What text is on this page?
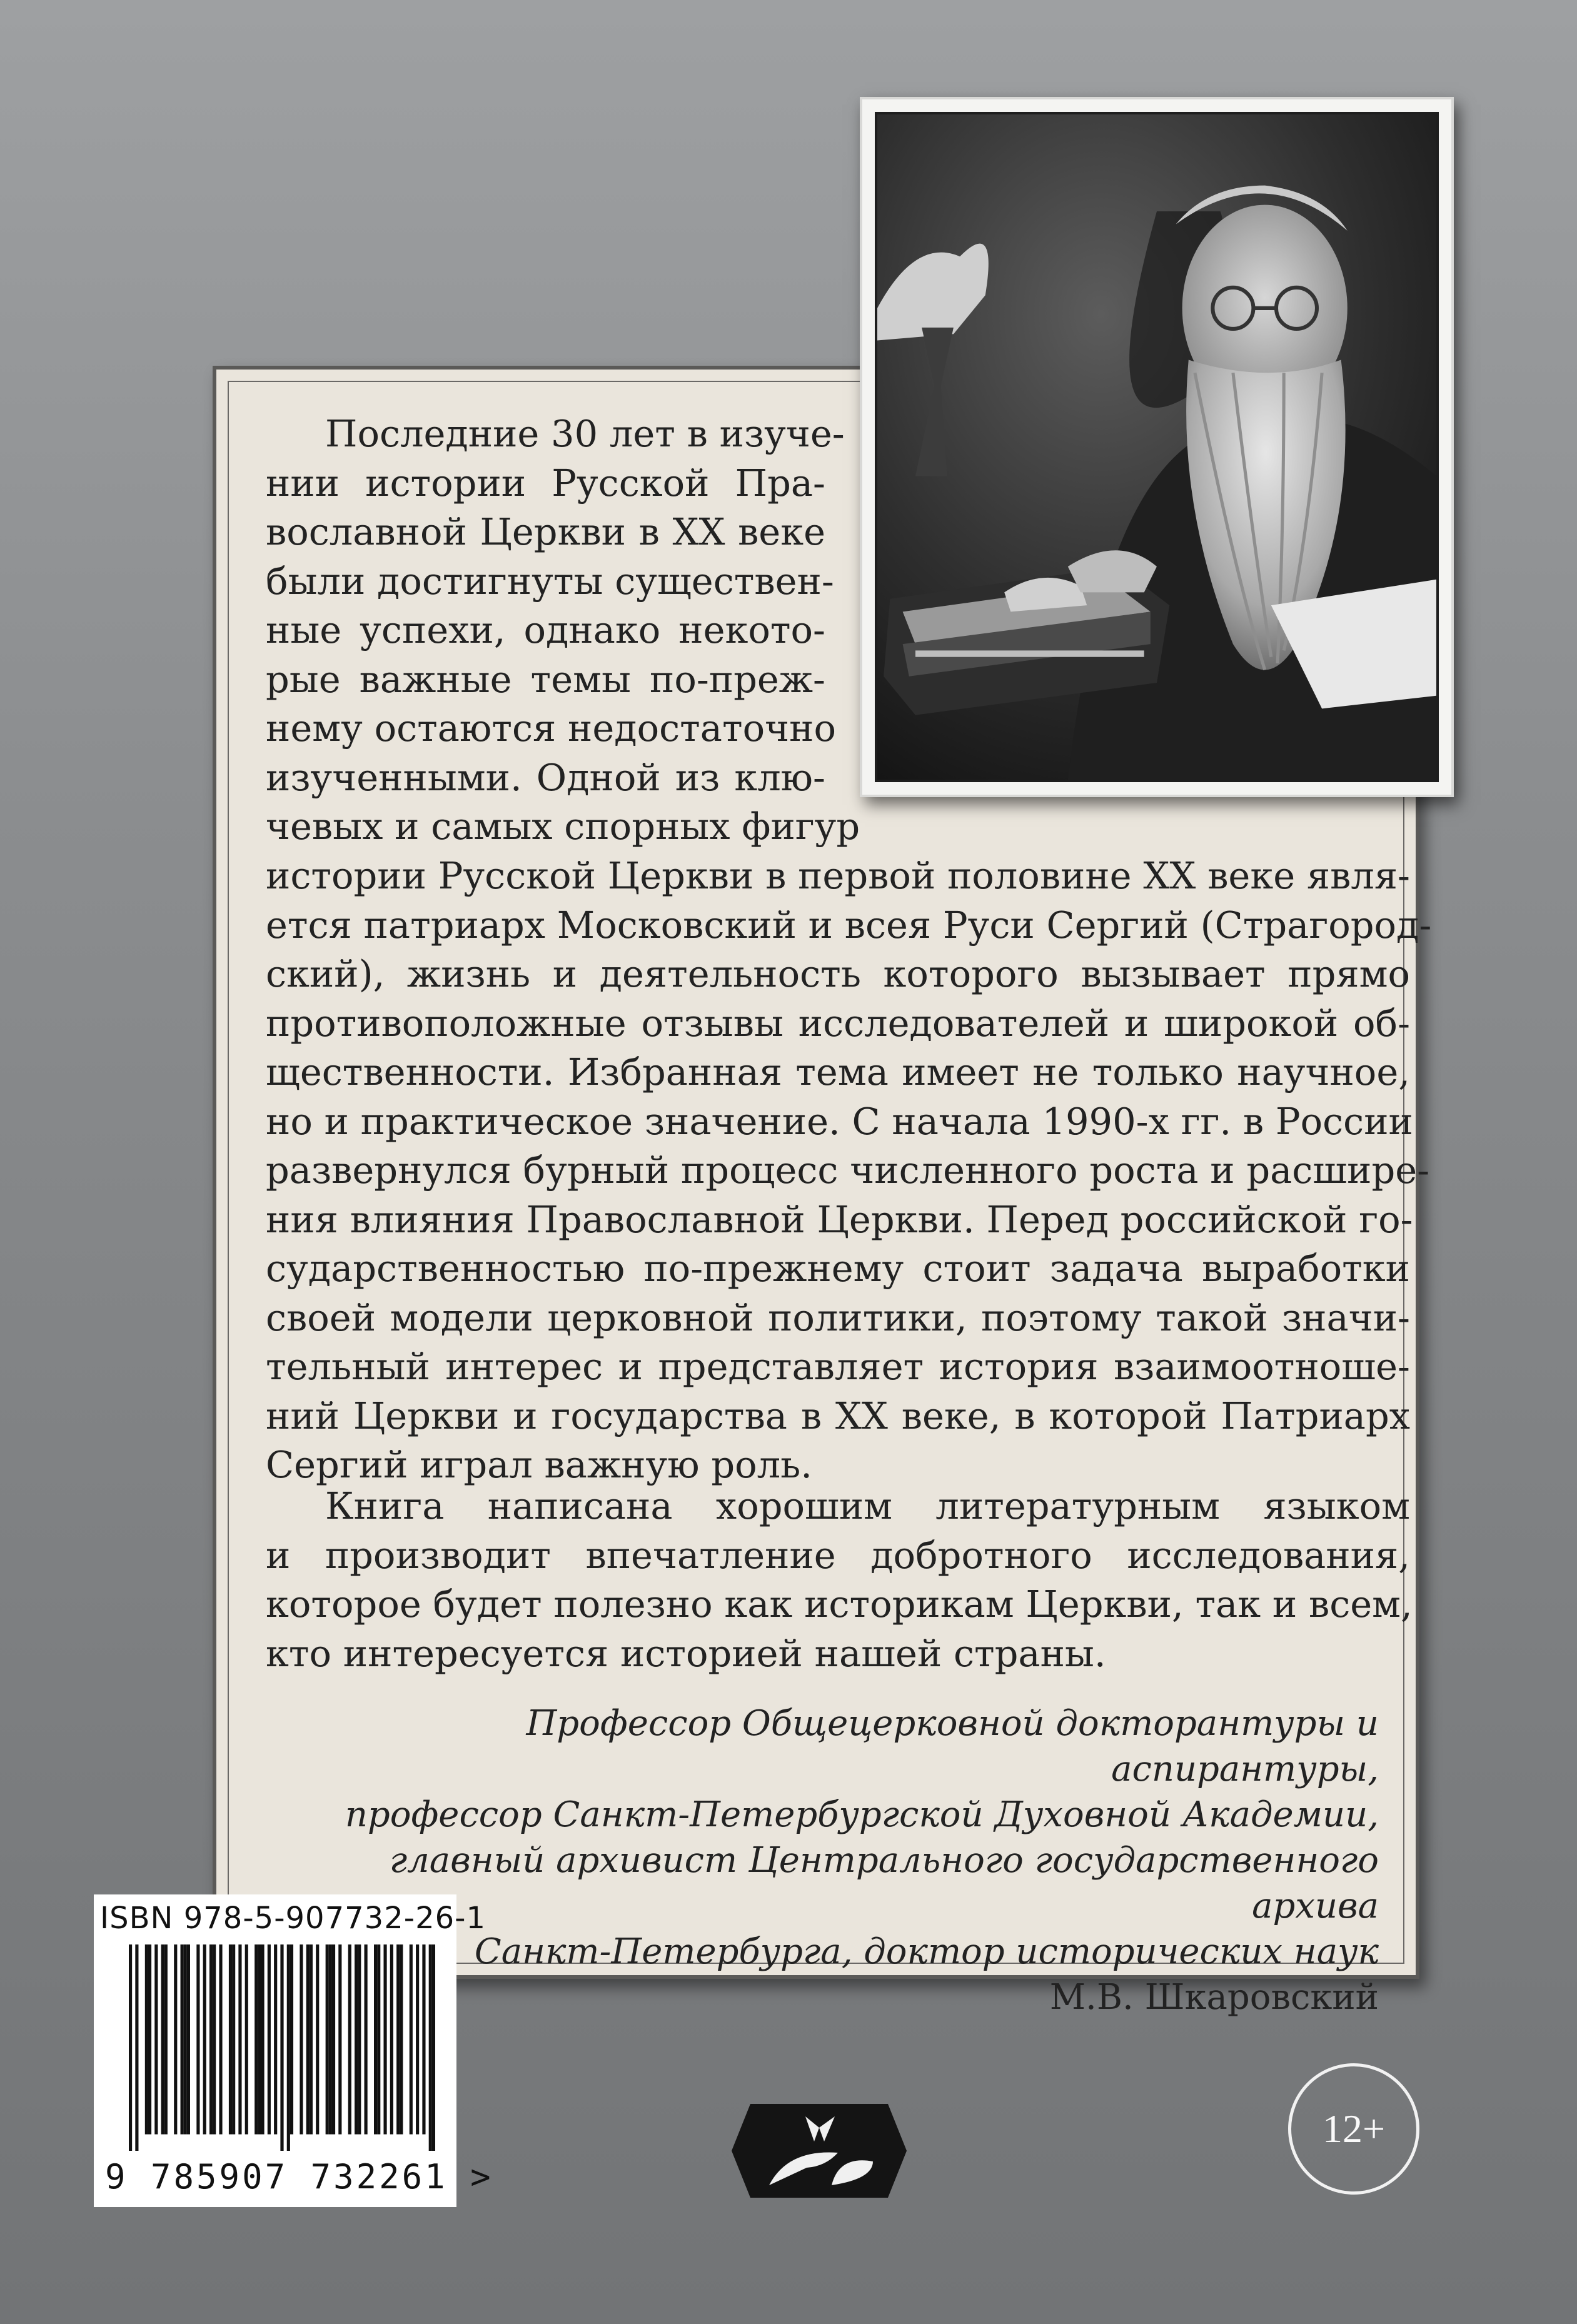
Последние 30 лет в изуче-
нии истории Русской Пра-
вославной Церкви в XX веке
были достигнуты существен-
ные успехи, однако некото-
рые важные темы по-преж-
нему остаются недостаточно
изученными. Одной из клю-
чевых и самых спорных фигур
истории Русской Церкви в первой половине XX веке явля-
ется патриарх Московский и всея Руси Сергий (Страгород-
ский), жизнь и деятельность которого вызывает прямо
противоположные отзывы исследователей и широкой об-
щественности. Избранная тема имеет не только научное,
но и практическое значение. С начала 1990-х гг. в России
развернулся бурный процесс численного роста и расшире-
ния влияния Православной Церкви. Перед российской го-
сударственностью по-прежнему стоит задача выработки
своей модели церковной политики, поэтому такой значи-
тельный интерес и представляет история взаимоотноше-
ний Церкви и государства в XX веке, в которой Патриарх
Сергий играл важную роль.
Книга написана хорошим литературным языком
и производит впечатление добротного исследования,
которое будет полезно как историкам Церкви, так и всем,
кто интересуется историей нашей страны.
Профессор Общецерковной докторантуры и аспирантуры,
профессор Санкт-Петербургской Духовной Академии,
главный архивист Центрального государственного архива
Санкт-Петербурга, доктор исторических наук
М.В. Шкаровский
ISBN 978-5-907732-26-1
9 785907 732261 >
12+
